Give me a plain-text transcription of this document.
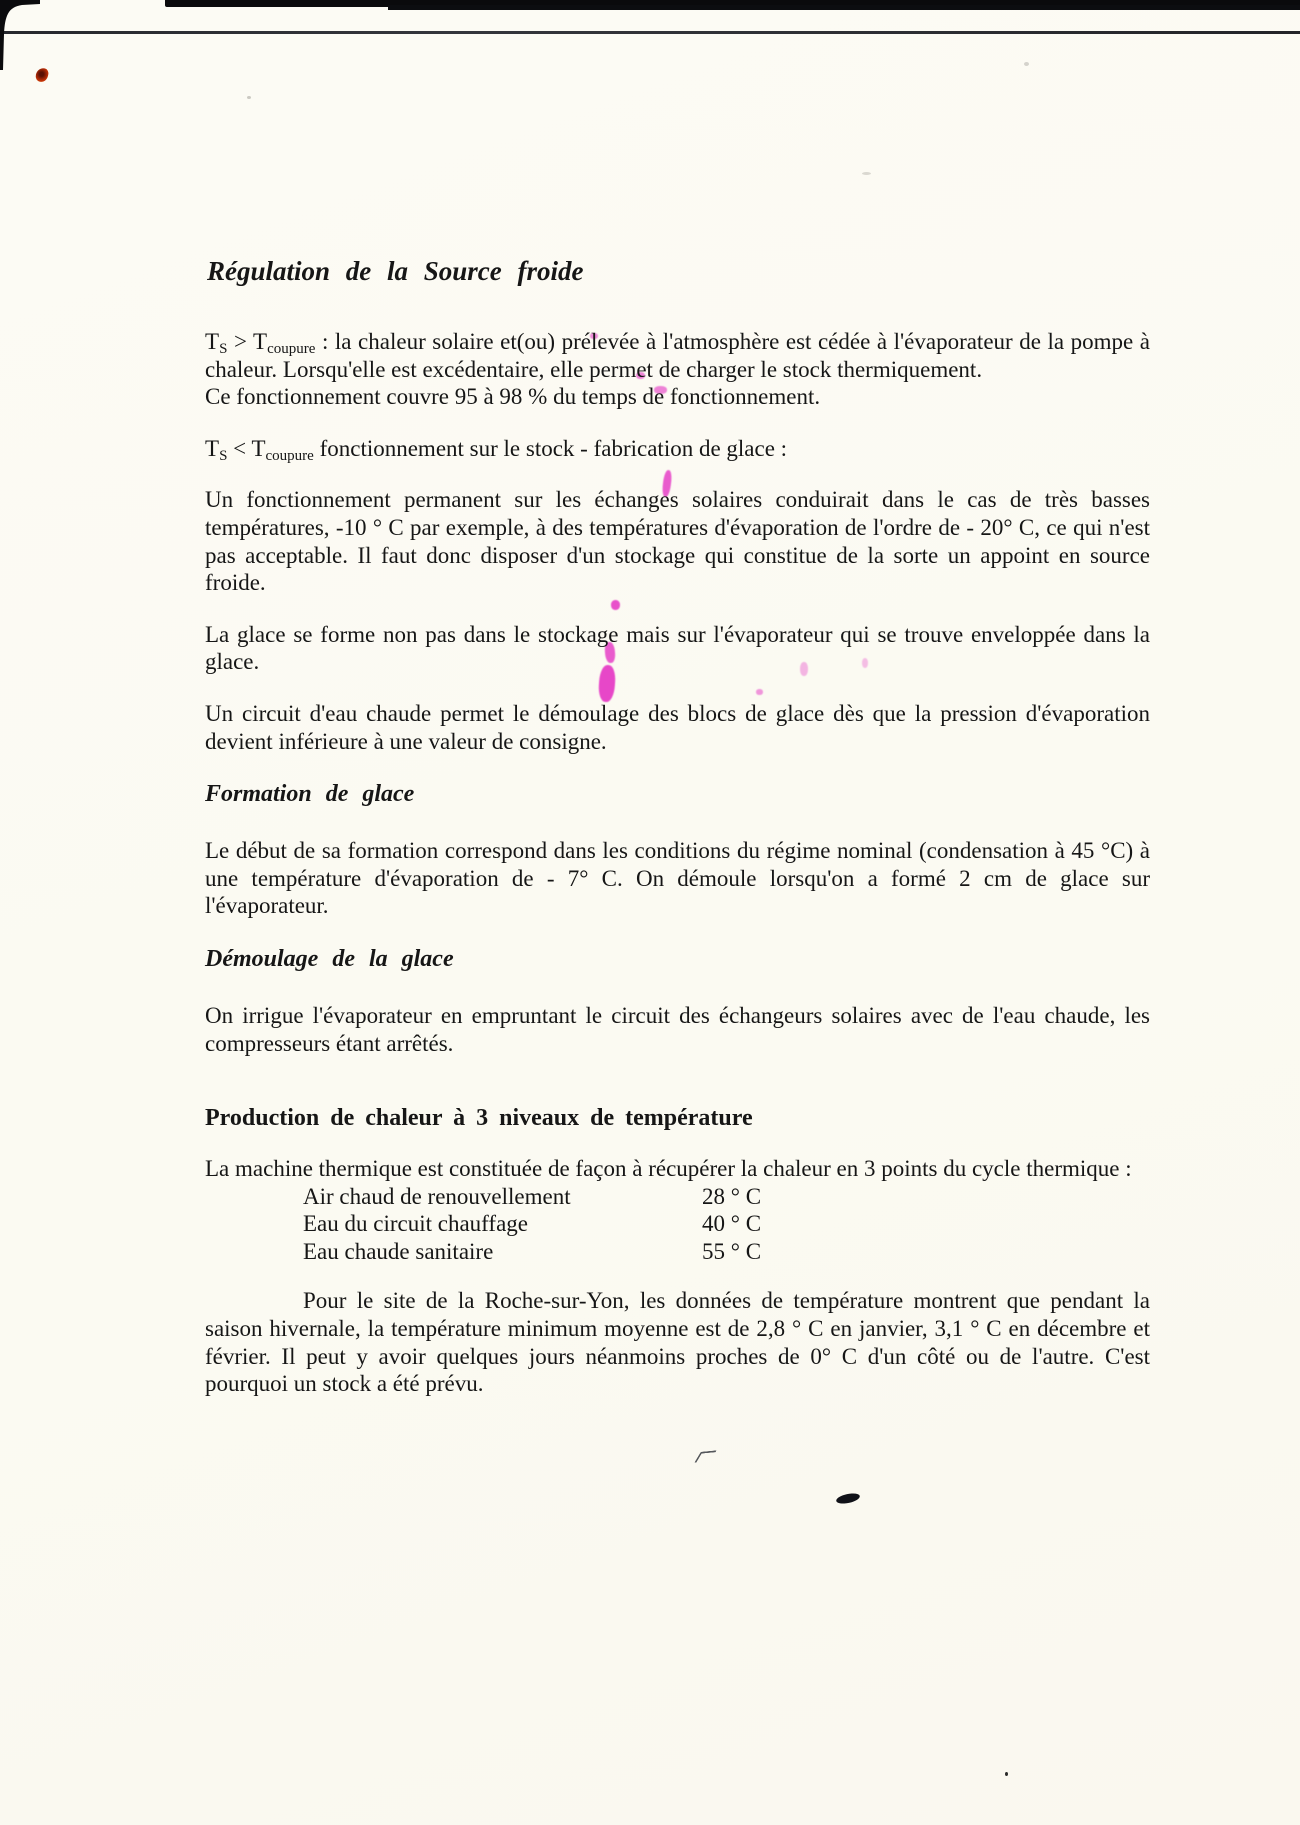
Régulation de la Source froide

$T_S > T_{coupure}$ : la chaleur solaire et(ou) prélevée à l'atmosphère est cédée à l'évaporateur de la pompe à chaleur. Lorsqu'elle est excédentaire, elle permet de charger le stock thermiquement.

Ce fonctionnement couvre 95 à 98 % du temps de fonctionnement.

$T_S < T_{coupure}$ fonctionnement sur le stock - fabrication de glace :

Un fonctionnement permanent sur les échanges solaires conduirait dans le cas de très basses températures, -10 ° C par exemple, à des températures d'évaporation de l'ordre de - 20° C, ce qui n'est pas acceptable. Il faut donc disposer d'un stockage qui constitue de la sorte un appoint en source froide.

La glace se forme non pas dans le stockage mais sur l'évaporateur qui se trouve enveloppée dans la glace.

Un circuit d'eau chaude permet le démoulage des blocs de glace dès que la pression d'évaporation devient inférieure à une valeur de consigne.

Formation de glace

Le début de sa formation correspond dans les conditions du régime nominal (condensation à 45 °C) à une température d'évaporation de - 7° C. On démoule lorsqu'on a formé 2 cm de glace sur l'évaporateur.

Démoulage de la glace

On irrigue l'évaporateur en empruntant le circuit des échangeurs solaires avec de l'eau chaude, les compresseurs étant arrêtés.

Production de chaleur à 3 niveaux de température

La machine thermique est constituée de façon à récupérer la chaleur en 3 points du cycle thermique :

Air chaud de renouvellement	28 ° C
Eau du circuit chauffage	40 ° C
Eau chaude sanitaire	55 ° C

Pour le site de la Roche-sur-Yon, les données de température montrent que pendant la saison hivernale, la température minimum moyenne est de 2,8 ° C en janvier, 3,1 ° C en décembre et février. Il peut y avoir quelques jours néanmoins proches de 0° C d'un côté ou de l'autre. C'est pourquoi un stock a été prévu.
